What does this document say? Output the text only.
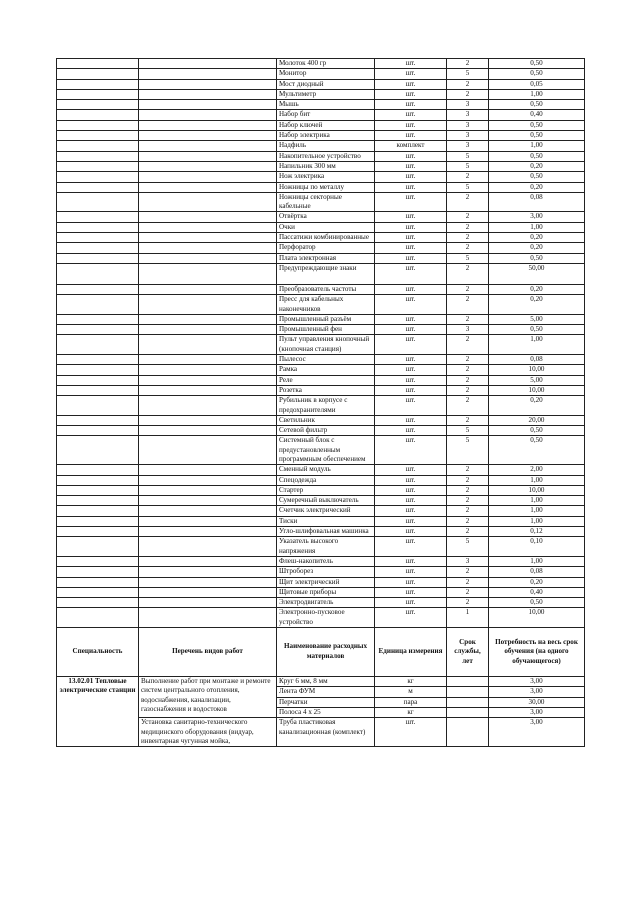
		Молоток 400 гр	шт.	2	0,50
		Монитор	шт.	5	0,50
		Мост диодный	шт.	2	0,05
		Мультиметр	шт.	2	1,00
		Мышь	шт.	3	0,50
		Набор бит	шт.	3	0,40
		Набор ключей	шт.	3	0,50
		Набор электрика	шт.	3	0,50
		Надфиль	комплект	3	1,00
		Накопительное устройство	шт.	5	0,50
		Напильник 300 мм	шт.	5	0,20
		Нож электрика	шт.	2	0,50
		Ножницы по металлу	шт.	5	0,20
		Ножницы секторные кабельные	шт.	2	0,08
		Отвёртка	шт.	2	3,00
		Очки	шт.	2	1,00
		Пассатижи комбинированные	шт.	2	0,20
		Перфоратор	шт.	2	0,20
		Плата электронная	шт.	5	0,50
		Предупреждающие знаки	шт.	2	50,00
		Преобразователь частоты	шт.	2	0,20
		Пресс для кабельных наконечников	шт.	2	0,20
		Промышленный разъём	шт.	2	5,00
		Промышленный фен	шт.	3	0,50
		Пульт управления кнопочный (кнопочная станция)	шт.	2	1,00
		Пылесос	шт.	2	0,08
		Рамка	шт.	2	10,00
		Реле	шт.	2	5,00
		Розетка	шт.	2	10,00
		Рубильник в корпусе с предохранителями	шт.	2	0,20
		Светильник	шт.	2	20,00
		Сетевой фильтр	шт.	5	0,50
		Системный блок с предустановленным программным обеспечением	шт.	5	0,50
		Сменный модуль	шт.	2	2,00
		Спецодежда	шт.	2	1,00
		Стартер	шт.	2	10,00
		Сумеречный выключатель	шт.	2	1,00
		Счетчик электрический	шт.	2	1,00
		Тиски	шт.	2	1,00
		Угло-шлифовальная машинка	шт.	2	0,12
		Указатель высокого напряжения	шт.	5	0,10
		Флеш-накопитель	шт.	3	1,00
		Штроборез	шт.	2	0,08
		Щит электрический	шт.	2	0,20
		Щитовые приборы	шт.	2	0,40
		Электродвигатель	шт.	2	0,50
		Электронно-пусковое устройство	шт.	1	10,00
Специальность	Перечень видов работ	Наименование расходных материалов	Единица измерения	Срок службы, лет	Потребность на весь срок обучения (на одного обучающегося)
13.02.01 Тепловые электрические станции	Выполнение работ при монтаже и ремонте систем центрального отопления, водоснабжения, канализации, газоснабжения и водостоков	Круг 6 мм, 8 мм	кг		3,00
		Лента ФУМ	м		3,00
		Перчатки	пара		30,00
		Полоса 4 х 25	кг		3,00
	Установка санитарно-технического медицинского оборудования (видуар, инвентарная чугунная мойка,	Труба пластиковая канализационная (комплект)	шт.		3,00
